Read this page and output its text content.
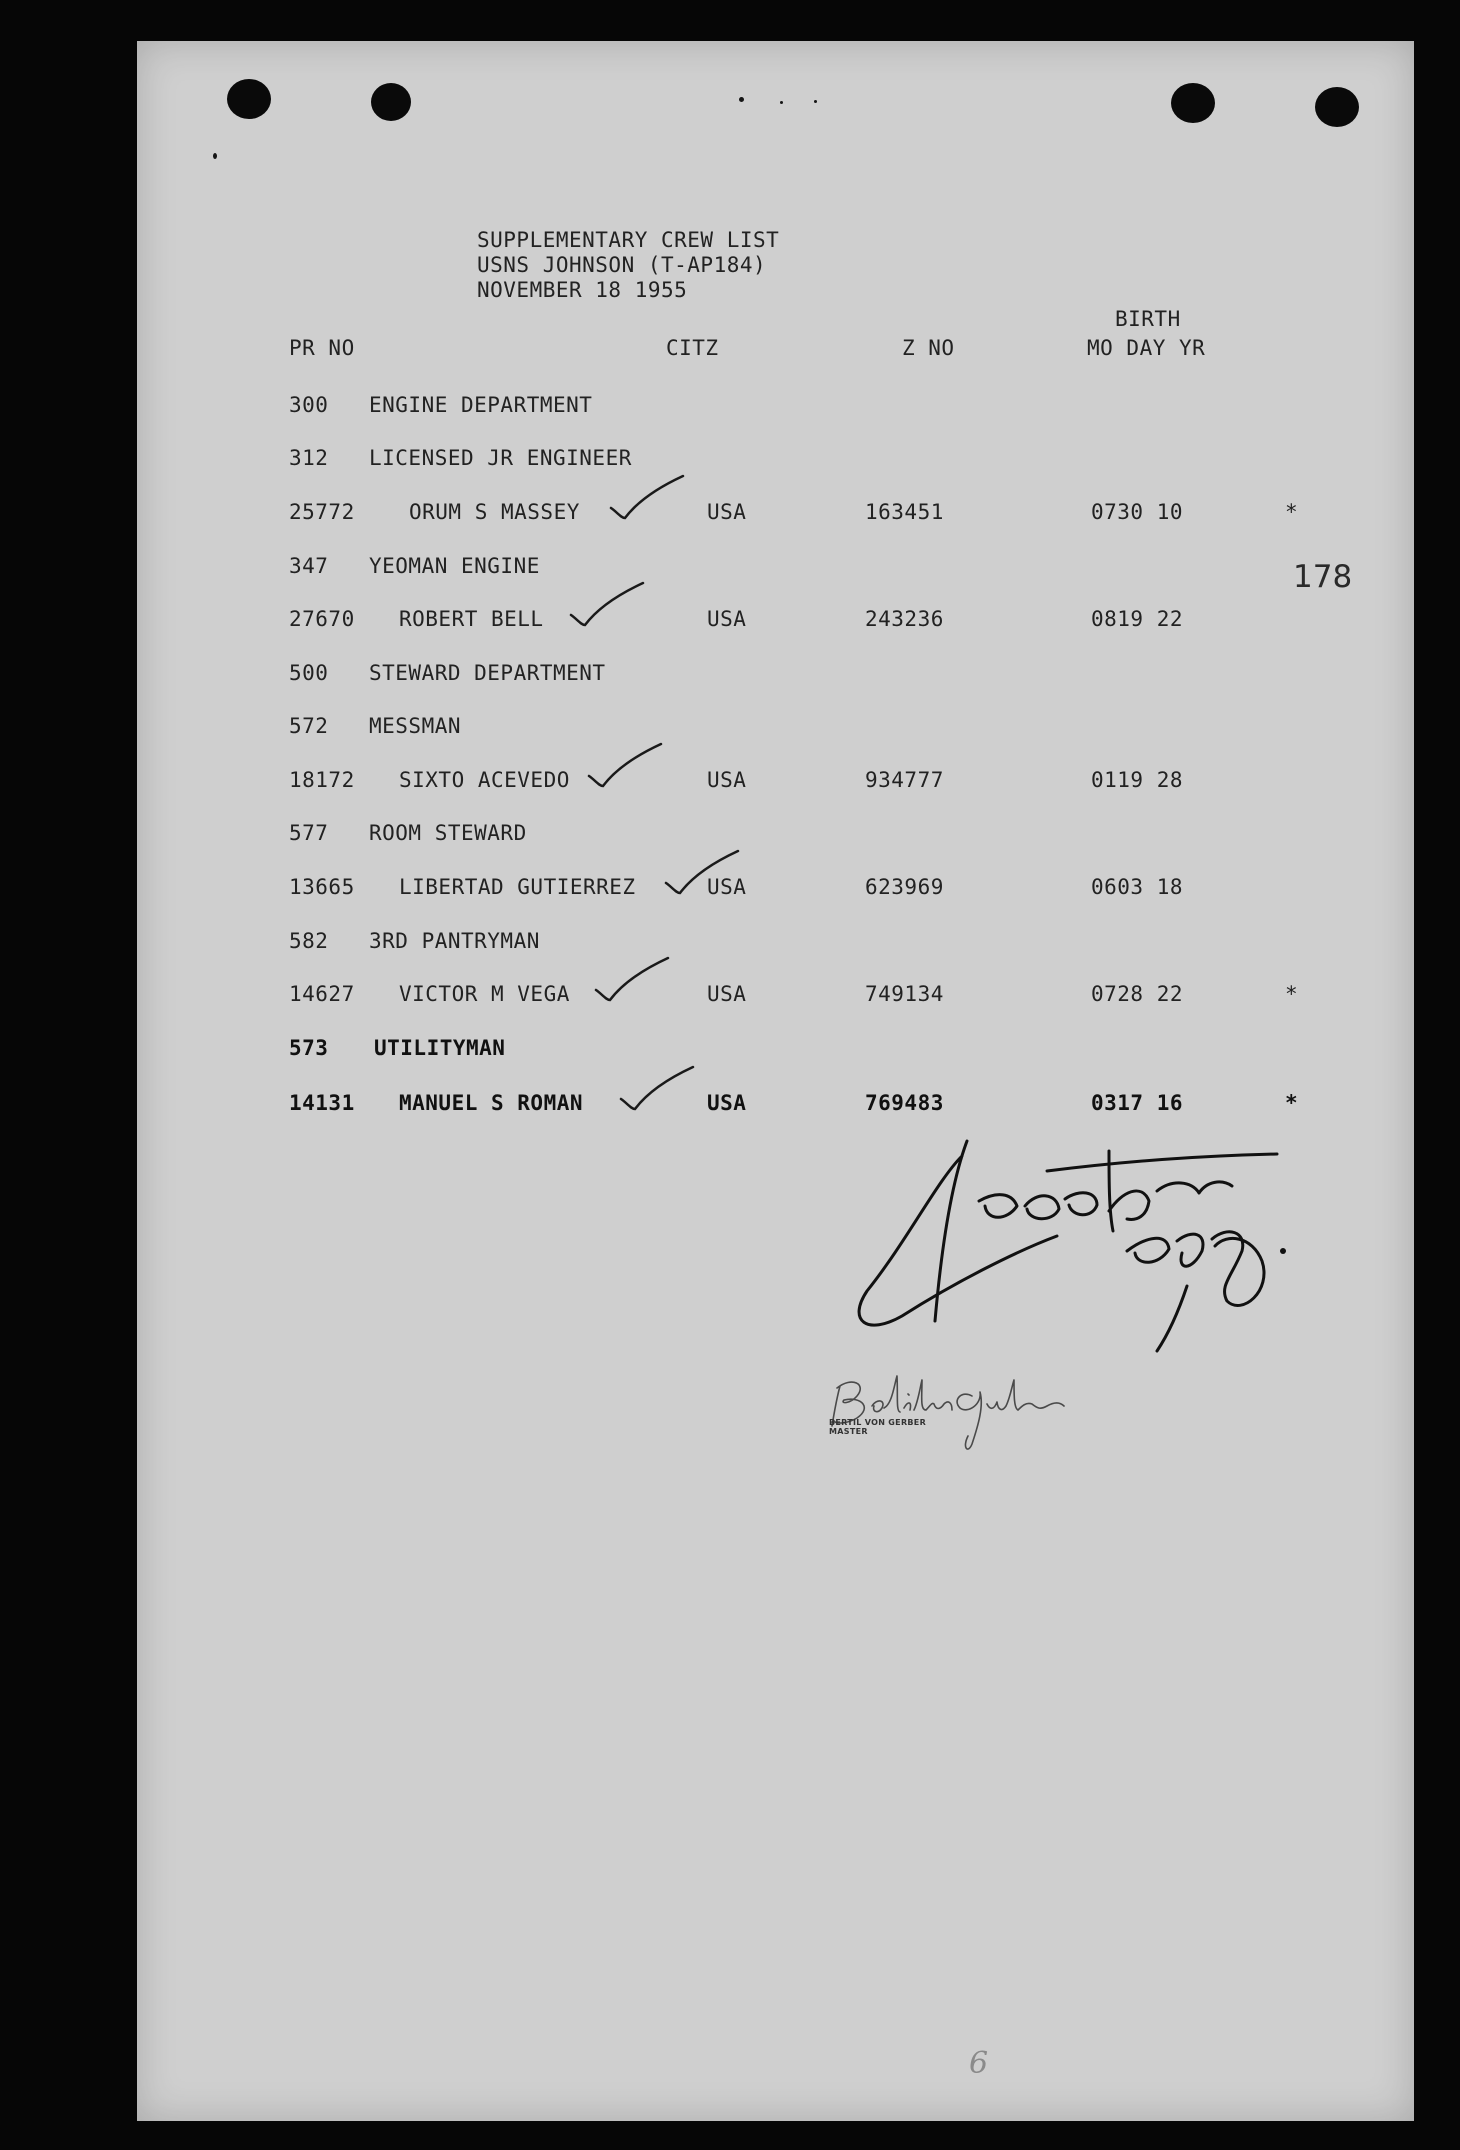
SUPPLEMENTARY CREW LIST
USNS JOHNSON (T-AP184)
NOVEMBER 18 1955
PR NO	CITZ	Z NO
BIRTH
MO DAY YR
300 ENGINE DEPARTMENT
312 LICENSED JR ENGINEER
25772	ORUM S MASSEY	USA	163451	0730 10	*
347 YEOMAN ENGINE
27670 ROBERT BELL	USA	243236	0819 22
500 STEWARD DEPARTMENT
572 MESSMAN
18172 SIXTO ACEVEDO	USA	934777	0119 28
577 ROOM STEWARD
13665 LIBERTAD GUTIERREZ	USA	623969	0603 18
582 3RD PANTRYMAN
14627 VICTOR M VEGA	USA	749134	0728 22	*
573 UTILITYMAN
14131 MANUEL S ROMAN	USA	769483	0317 16	*
178
BERTIL VON GERBER
MASTER
6
